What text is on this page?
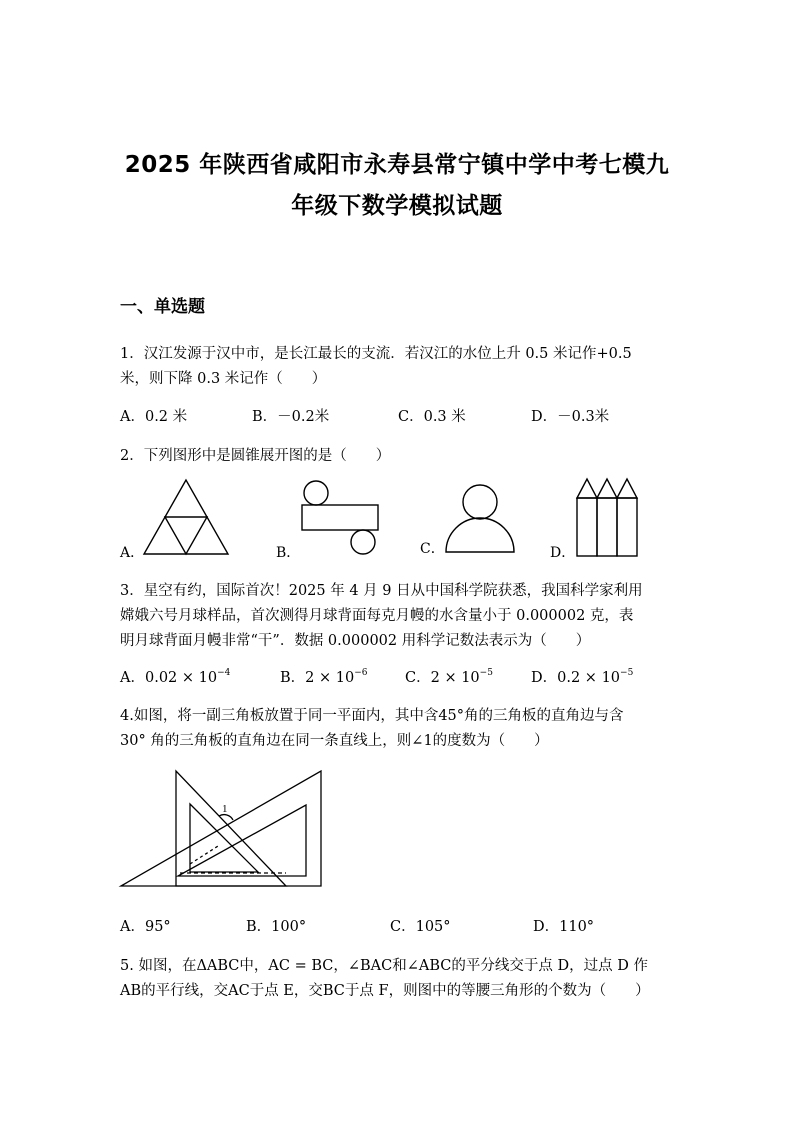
2025 年陕西省咸阳市永寿县常宁镇中学中考七模九
年级下数学模拟试题
一、单选题
1．汉江发源于汉中市，是长江最长的支流．若汉江的水位上升 0.5 米记作+0.5
米，则下降 0.3 米记作（　　）
A．0.2 米	B．－0.2米	C．0.3 米	D．－0.3米
2．下列图形中是圆锥展开图的是（　　）
A．	B．	C．	D．
3．星空有约，国际首次！2025 年 4 月 9 日从中国科学院获悉，我国科学家利用
嫦娥六号月球样品，首次测得月球背面每克月幔的水含量小于 0.000002 克，表
明月球背面月幔非常“干”．数据 0.000002 用科学记数法表示为（　　）
A．$0.02 \times 10^{-4}$	B．$2 \times 10^{-6}$	C．$2 \times 10^{-5}$	D．$0.2 \times 10^{-5}$
4.如图，将一副三角板放置于同一平面内，其中含45°角的三角板的直角边与含
30° 角的三角板的直角边在同一条直线上，则∠1的度数为（　　）
1
A．95°	B．100°	C．105°	D．110°
5. 如图，在ΔABC中，AC = BC，∠BAC和∠ABC的平分线交于点 D，过点 D 作
AB的平行线，交AC于点 E，交BC于点 F，则图中的等腰三角形的个数为（　　）
